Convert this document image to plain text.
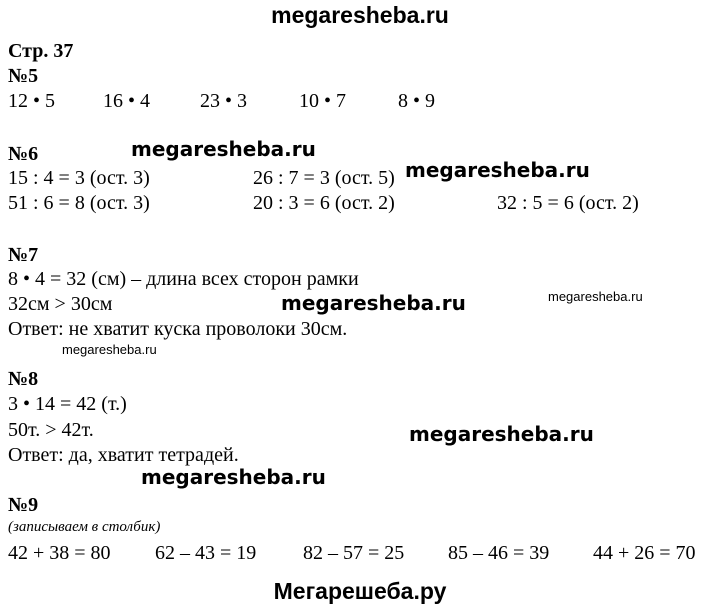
megaresheba.ru
Стр. 37
№5
12 • 5 16 • 4 23 • 3	10 • 7	8 • 9
№6	megaresheba.ru
15 : 4 = 3 (ост. 3)	26 : 7 = 3 (ост. 5) megaresheba.ru
51 : 6 = 8 (ост. 3)	20 : 3 = 6 (ост. 2)	32 : 5 = 6 (ост. 2)
№7
8 • 4 = 32 (см) – длина всех сторон рамки
32см > 30см	megaresheba.ru	megaresheba.ru
Ответ: не хватит куска проволоки 30см.
megaresheba.ru
№8
3 • 14 = 42 (т.)
50т. > 42т.	megaresheba.ru
Ответ: да, хватит тетрадей.
megaresheba.ru
№9
(записываем в столбик)
42 + 38 = 80 62 – 43 = 19 82 – 57 = 25 85 – 46 = 39 44 + 26 = 70
Мегарешеба.ру
